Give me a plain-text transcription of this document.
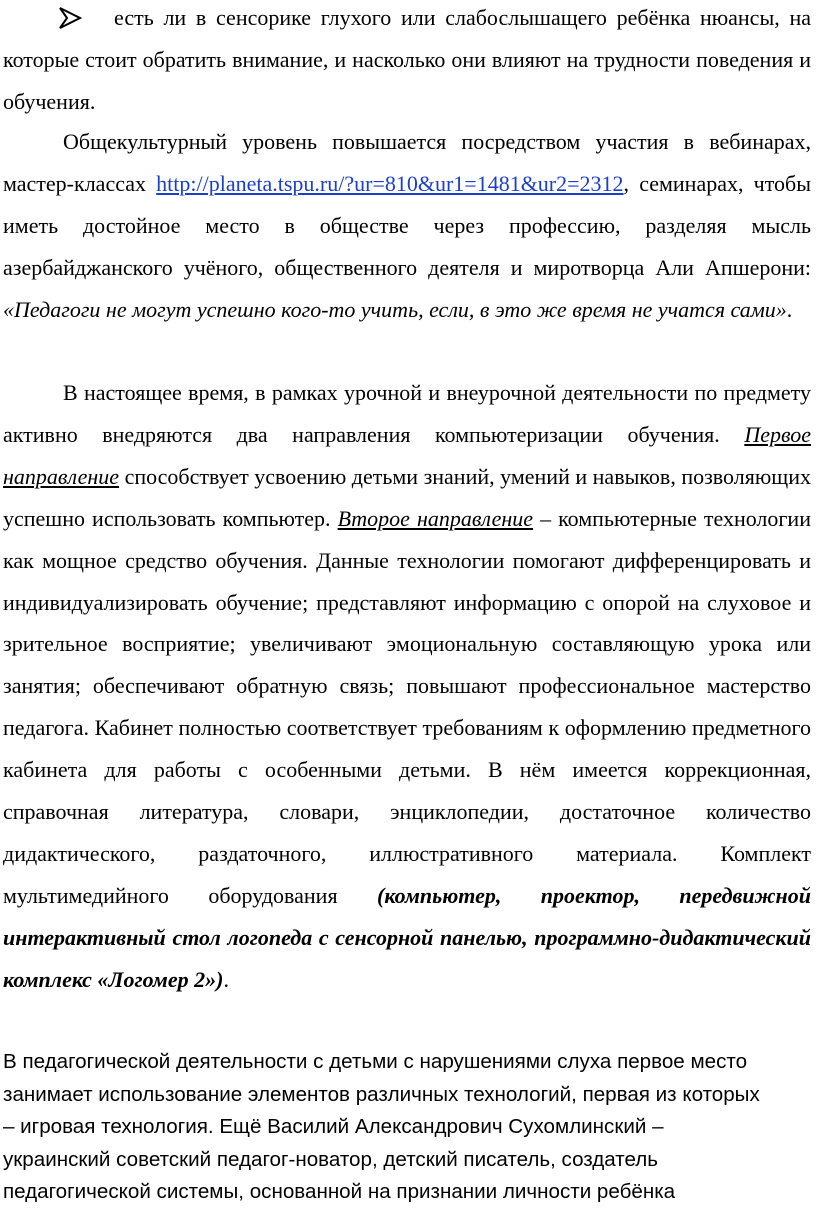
есть ли в сенсорике глухого или слабослышащего ребёнка нюансы, на которые стоит обратить внимание, и насколько они влияют на трудности поведения и обучения.
Общекультурный уровень повышается посредством участия в вебинарах, мастер-классах http://planeta.tspu.ru/?ur=810&ur1=1481&ur2=2312, семинарах, чтобы иметь достойное место в обществе через профессию, разделяя мысль азербайджанского учёного, общественного деятеля и миротворца Али Апшерони: «Педагоги не могут успешно кого-то учить, если, в это же время не учатся сами».
В настоящее время, в рамках урочной и внеурочной деятельности по предмету активно внедряются два направления компьютеризации обучения. Первое направление способствует усвоению детьми знаний, умений и навыков, позволяющих успешно использовать компьютер. Второе направление – компьютерные технологии как мощное средство обучения. Данные технологии помогают дифференцировать и индивидуализировать обучение; представляют информацию с опорой на слуховое и зрительное восприятие; увеличивают эмоциональную составляющую урока или занятия; обеспечивают обратную связь; повышают профессиональное мастерство педагога. Кабинет полностью соответствует требованиям к оформлению предметного кабинета для работы с особенными детьми. В нём имеется коррекционная, справочная литература, словари, энциклопедии, достаточное количество дидактического, раздаточного, иллюстративного материала. Комплект мультимедийного оборудования (компьютер, проектор, передвижной интерактивный стол логопеда с сенсорной панелью, программно-дидактический комплекс «Логомер 2»).
В педагогической деятельности с детьми с нарушениями слуха первое место
занимает использование элементов различных технологий, первая из которых
– игровая технология. Ещё Василий Александрович Сухомлинский –
украинский советский педагог-новатор, детский писатель, создатель
педагогической системы, основанной на признании личности ребёнка
